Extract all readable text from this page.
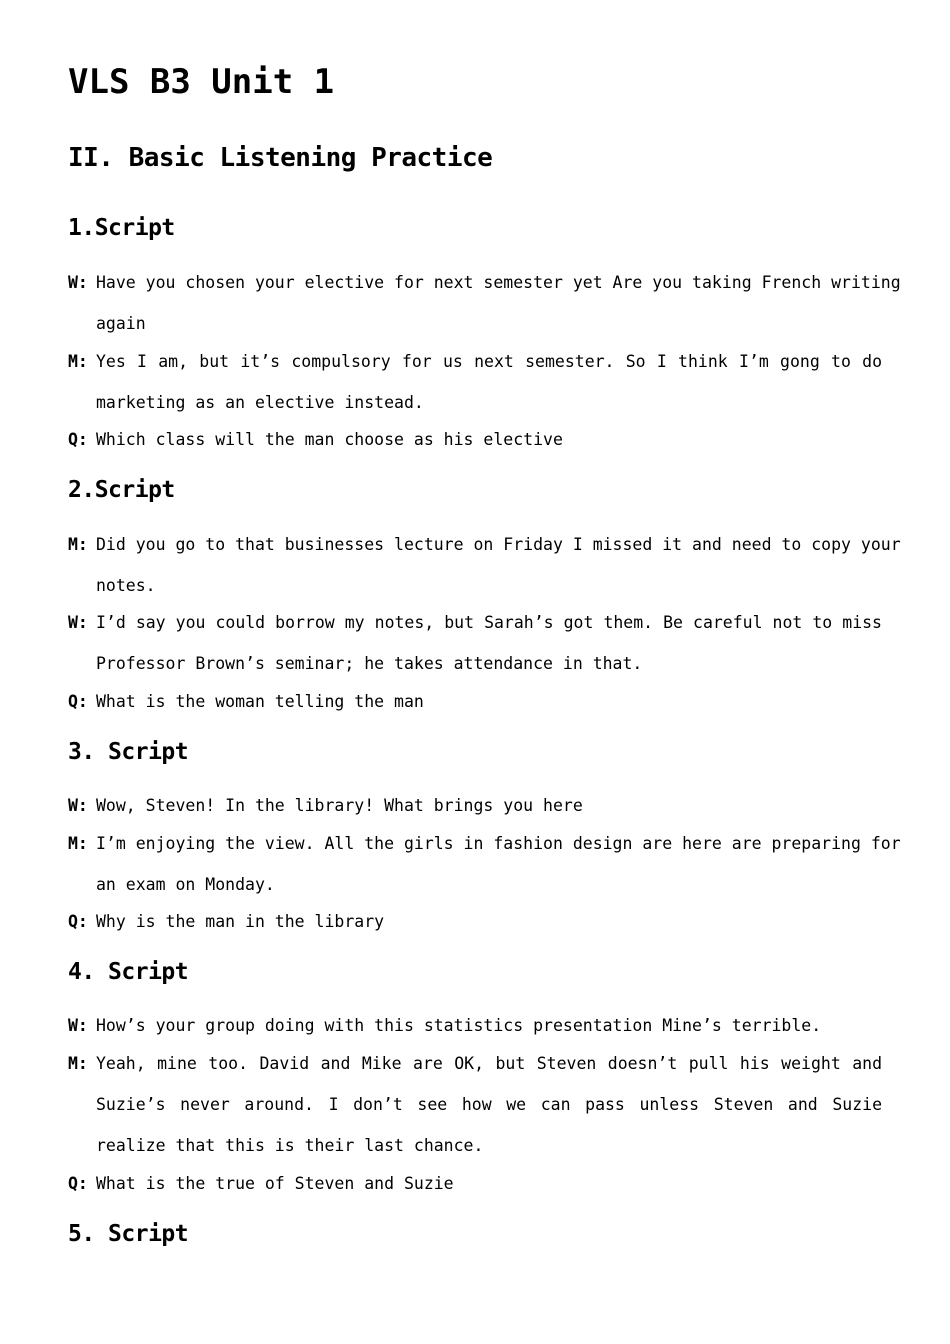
VLS B3 Unit 1
II. Basic Listening Practice
1.Script
W: Have you chosen your elective for next semester yet Are you taking French writing
again
M: Yes I am, but it’s compulsory for us next semester. So I think I’m gong to do
marketing as an elective instead.
Q: Which class will the man choose as his elective
2.Script
M: Did you go to that businesses lecture on Friday I missed it and need to copy your
notes.
W: I’d say you could borrow my notes, but Sarah’s got them. Be careful not to miss
Professor Brown’s seminar; he takes attendance in that.
Q: What is the woman telling the man
3. Script
W: Wow, Steven! In the library! What brings you here
M: I’m enjoying the view. All the girls in fashion design are here are preparing for
an exam on Monday.
Q: Why is the man in the library
4. Script
W: How’s your group doing with this statistics presentation Mine’s terrible.
M: Yeah, mine too. David and Mike are OK, but Steven doesn’t pull his weight and
Suzie’s never around. I don’t see how we can pass unless Steven and Suzie
realize that this is their last chance.
Q: What is the true of Steven and Suzie
5. Script
